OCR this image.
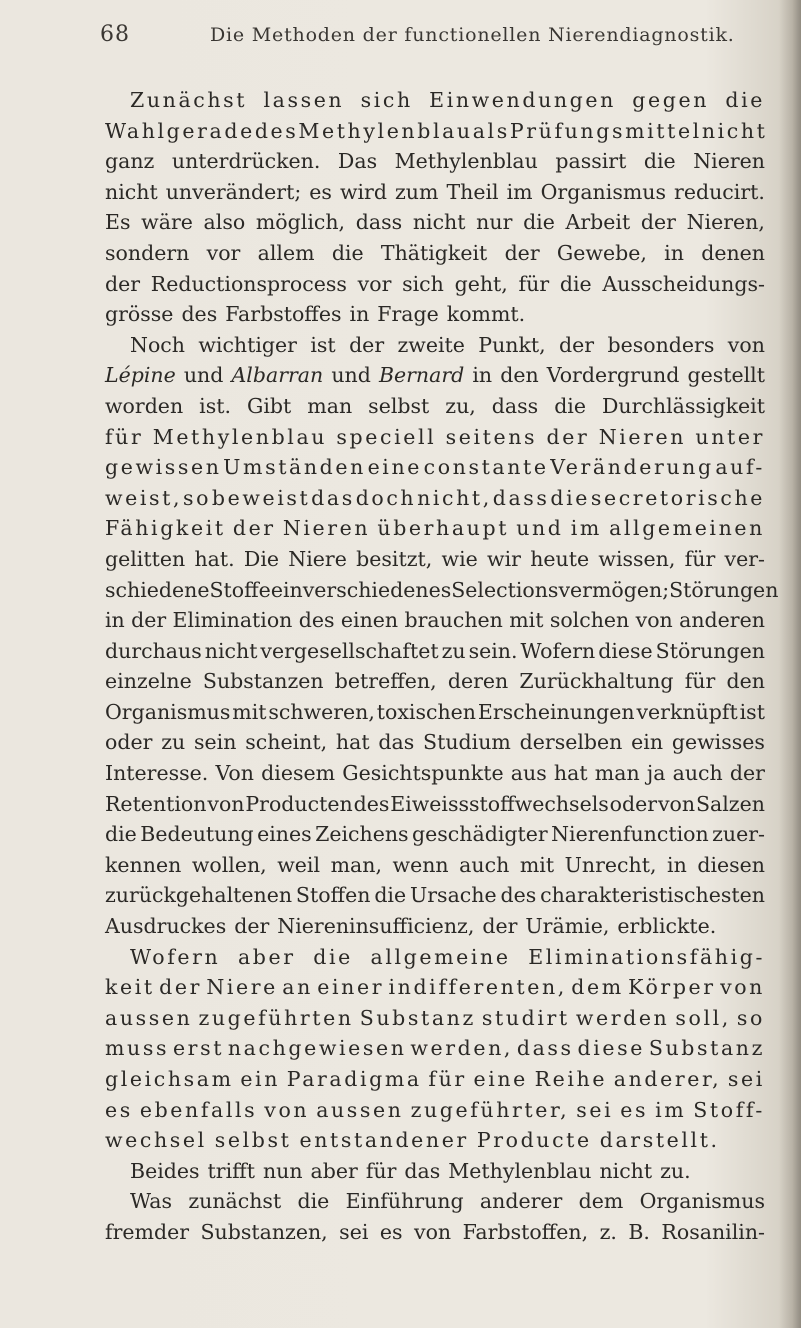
68	Die Methoden der functionellen Nierendiagnostik.
Zunächst lassen sich Einwendungen gegen die
Wahl gerade des Methylenblau als Prüfungsmittel nicht
ganz unterdrücken. Das Methylenblau passirt die Nieren
nicht unverändert; es wird zum Theil im Organismus reducirt.
Es wäre also möglich, dass nicht nur die Arbeit der Nieren,
sondern vor allem die Thätigkeit der Gewebe, in denen
der Reductionsprocess vor sich geht, für die Ausscheidungs-
grösse des Farbstoffes in Frage kommt.
Noch wichtiger ist der zweite Punkt, der besonders von
Lépine und Albarran und Bernard in den Vordergrund gestellt
worden ist. Gibt man selbst zu, dass die Durchlässigkeit
für Methylenblau speciell seitens der Nieren unter
gewissen Umständen eine constante Veränderung auf-
weist, so beweist das doch nicht, dass die secretorische
Fähigkeit der Nieren überhaupt und im allgemeinen
gelitten hat. Die Niere besitzt, wie wir heute wissen, für ver-
schiedene Stoffe ein verschiedenes Selectionsvermögen; Störungen
in der Elimination des einen brauchen mit solchen von anderen
durchaus nicht vergesellschaftet zu sein. Wofern diese Störungen
einzelne Substanzen betreffen, deren Zurückhaltung für den
Organismus mit schweren, toxischen Erscheinungen verknüpft ist
oder zu sein scheint, hat das Studium derselben ein gewisses
Interesse. Von diesem Gesichtspunkte aus hat man ja auch der
Retention von Producten des Eiweissstoffwechsels oder von Salzen
die Bedeutung eines Zeichens geschädigter Nierenfunction zuer-
kennen wollen, weil man, wenn auch mit Unrecht, in diesen
zurückgehaltenen Stoffen die Ursache des charakteristischesten
Ausdruckes der Niereninsufficienz, der Urämie, erblickte.
Wofern aber die allgemeine Eliminationsfähig-
keit der Niere an einer indifferenten, dem Körper von
aussen zugeführten Substanz studirt werden soll, so
muss erst nachgewiesen werden, dass diese Substanz
gleichsam ein Paradigma für eine Reihe anderer, sei
es ebenfalls von aussen zugeführter, sei es im Stoff-
wechsel selbst entstandener Producte darstellt.
Beides trifft nun aber für das Methylenblau nicht zu.
Was zunächst die Einführung anderer dem Organismus
fremder Substanzen, sei es von Farbstoffen, z. B. Rosanilin-
